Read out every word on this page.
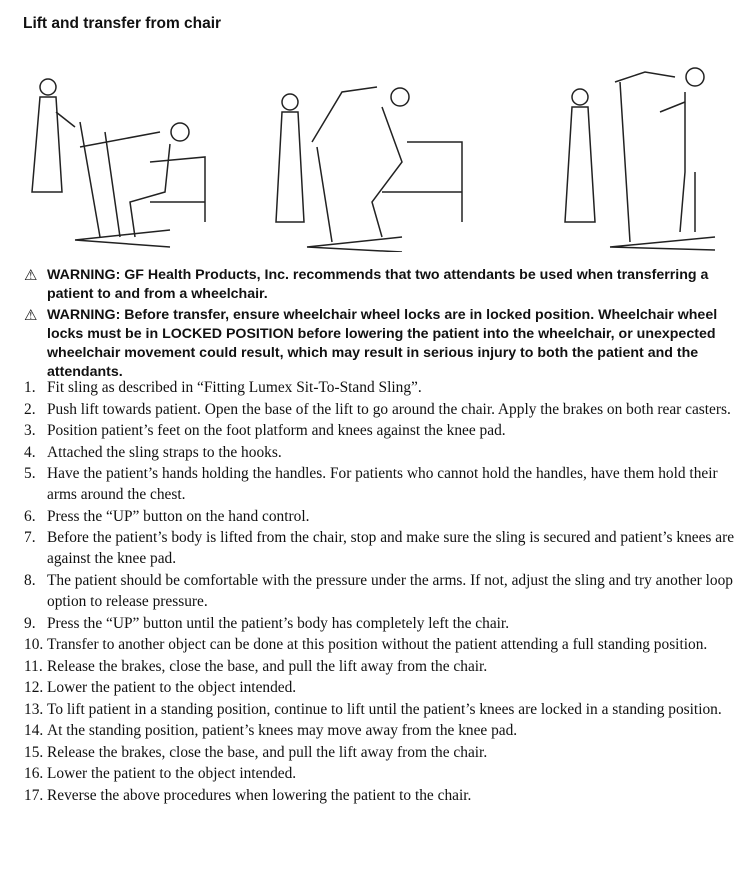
Lift and transfer from chair
⚠ WARNING: GF Health Products, Inc. recommends that two attendants be used when transferring a patient to and from a wheelchair.
⚠ WARNING: Before transfer, ensure wheelchair wheel locks are in locked position. Wheelchair wheel locks must be in LOCKED POSITION before lowering the patient into the wheelchair, or unexpected wheelchair movement could result, which may result in serious injury to both the patient and the attendants.
1. Fit sling as described in “Fitting Lumex Sit-To-Stand Sling”.
2. Push lift towards patient. Open the base of the lift to go around the chair. Apply the brakes on both rear casters.
3. Position patient’s feet on the foot platform and knees against the knee pad.
4. Attached the sling straps to the hooks.
5. Have the patient’s hands holding the handles. For patients who cannot hold the handles, have them hold their arms around the chest.
6. Press the “UP” button on the hand control.
7. Before the patient’s body is lifted from the chair, stop and make sure the sling is secured and patient’s knees are against the knee pad.
8. The patient should be comfortable with the pressure under the arms. If not, adjust the sling and try another loop option to release pressure.
9. Press the “UP” button until the patient’s body has completely left the chair.
10. Transfer to another object can be done at this position without the patient attending a full standing position.
11. Release the brakes, close the base, and pull the lift away from the chair.
12. Lower the patient to the object intended.
13. To lift patient in a standing position, continue to lift until the patient’s knees are locked in a standing position.
14. At the standing position, patient’s knees may move away from the knee pad.
15. Release the brakes, close the base, and pull the lift away from the chair.
16. Lower the patient to the object intended.
17. Reverse the above procedures when lowering the patient to the chair.
